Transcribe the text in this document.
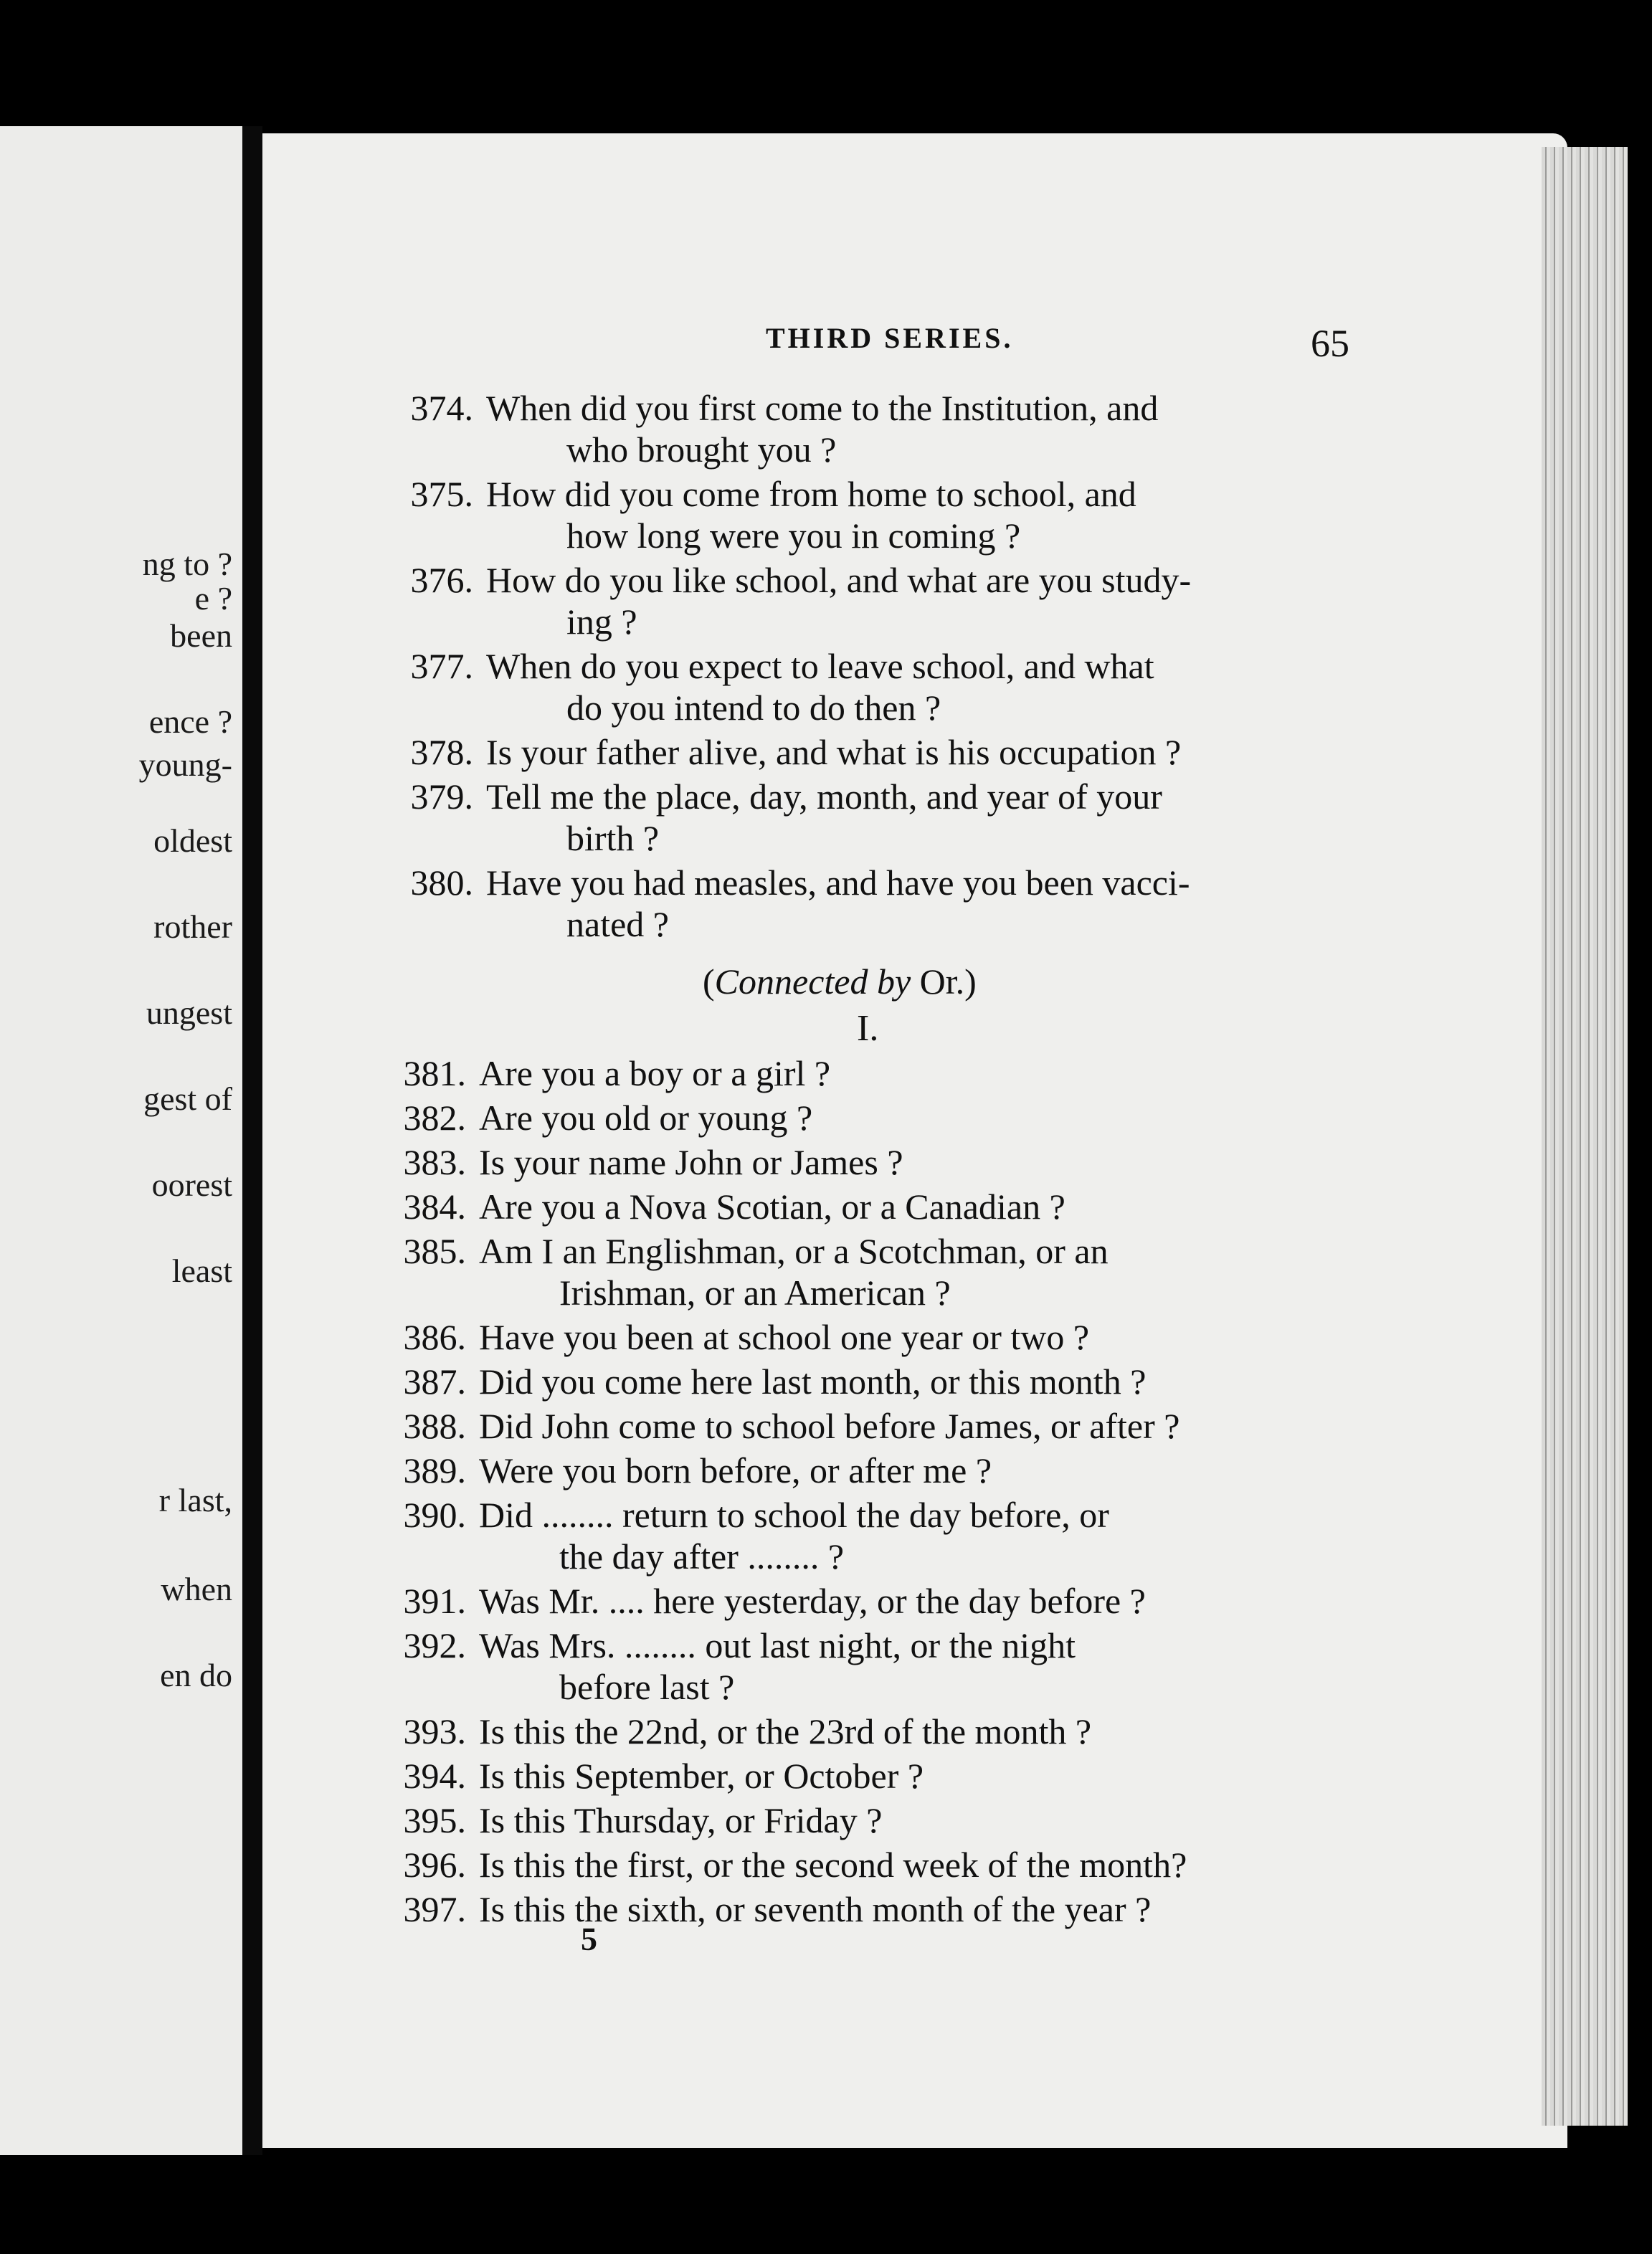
ng to ?
e ?
been
ence ?
young-
oldest
rother
ungest
gest of
oorest
least
r last,
when
en do
THIRD SERIES.	65
374. When did you first come to the Institution, and
who brought you ?
375. How did you come from home to school, and
how long were you in coming ?
376. How do you like school, and what are you study-
ing ?
377. When do you expect to leave school, and what
do you intend to do then ?
378. Is your father alive, and what is his occupation ?
379. Tell me the place, day, month, and year of your
birth ?
380. Have you had measles, and have you been vacci-
nated ?
(Connected by Or.)
I.
381. Are you a boy or a girl ?
382. Are you old or young ?
383. Is your name John or James ?
384. Are you a Nova Scotian, or a Canadian ?
385. Am I an Englishman, or a Scotchman, or an
Irishman, or an American ?
386. Have you been at school one year or two ?
387. Did you come here last month, or this month ?
388. Did John come to school before James, or after ?
389. Were you born before, or after me ?
390. Did ........ return to school the day before, or
the day after ........ ?
391. Was Mr. .... here yesterday, or the day before ?
392. Was Mrs. ........ out last night, or the night
before last ?
393. Is this the 22nd, or the 23rd of the month ?
394. Is this September, or October ?
395. Is this Thursday, or Friday ?
396. Is this the first, or the second week of the month?
397. Is this the sixth, or seventh month of the year ?
5
